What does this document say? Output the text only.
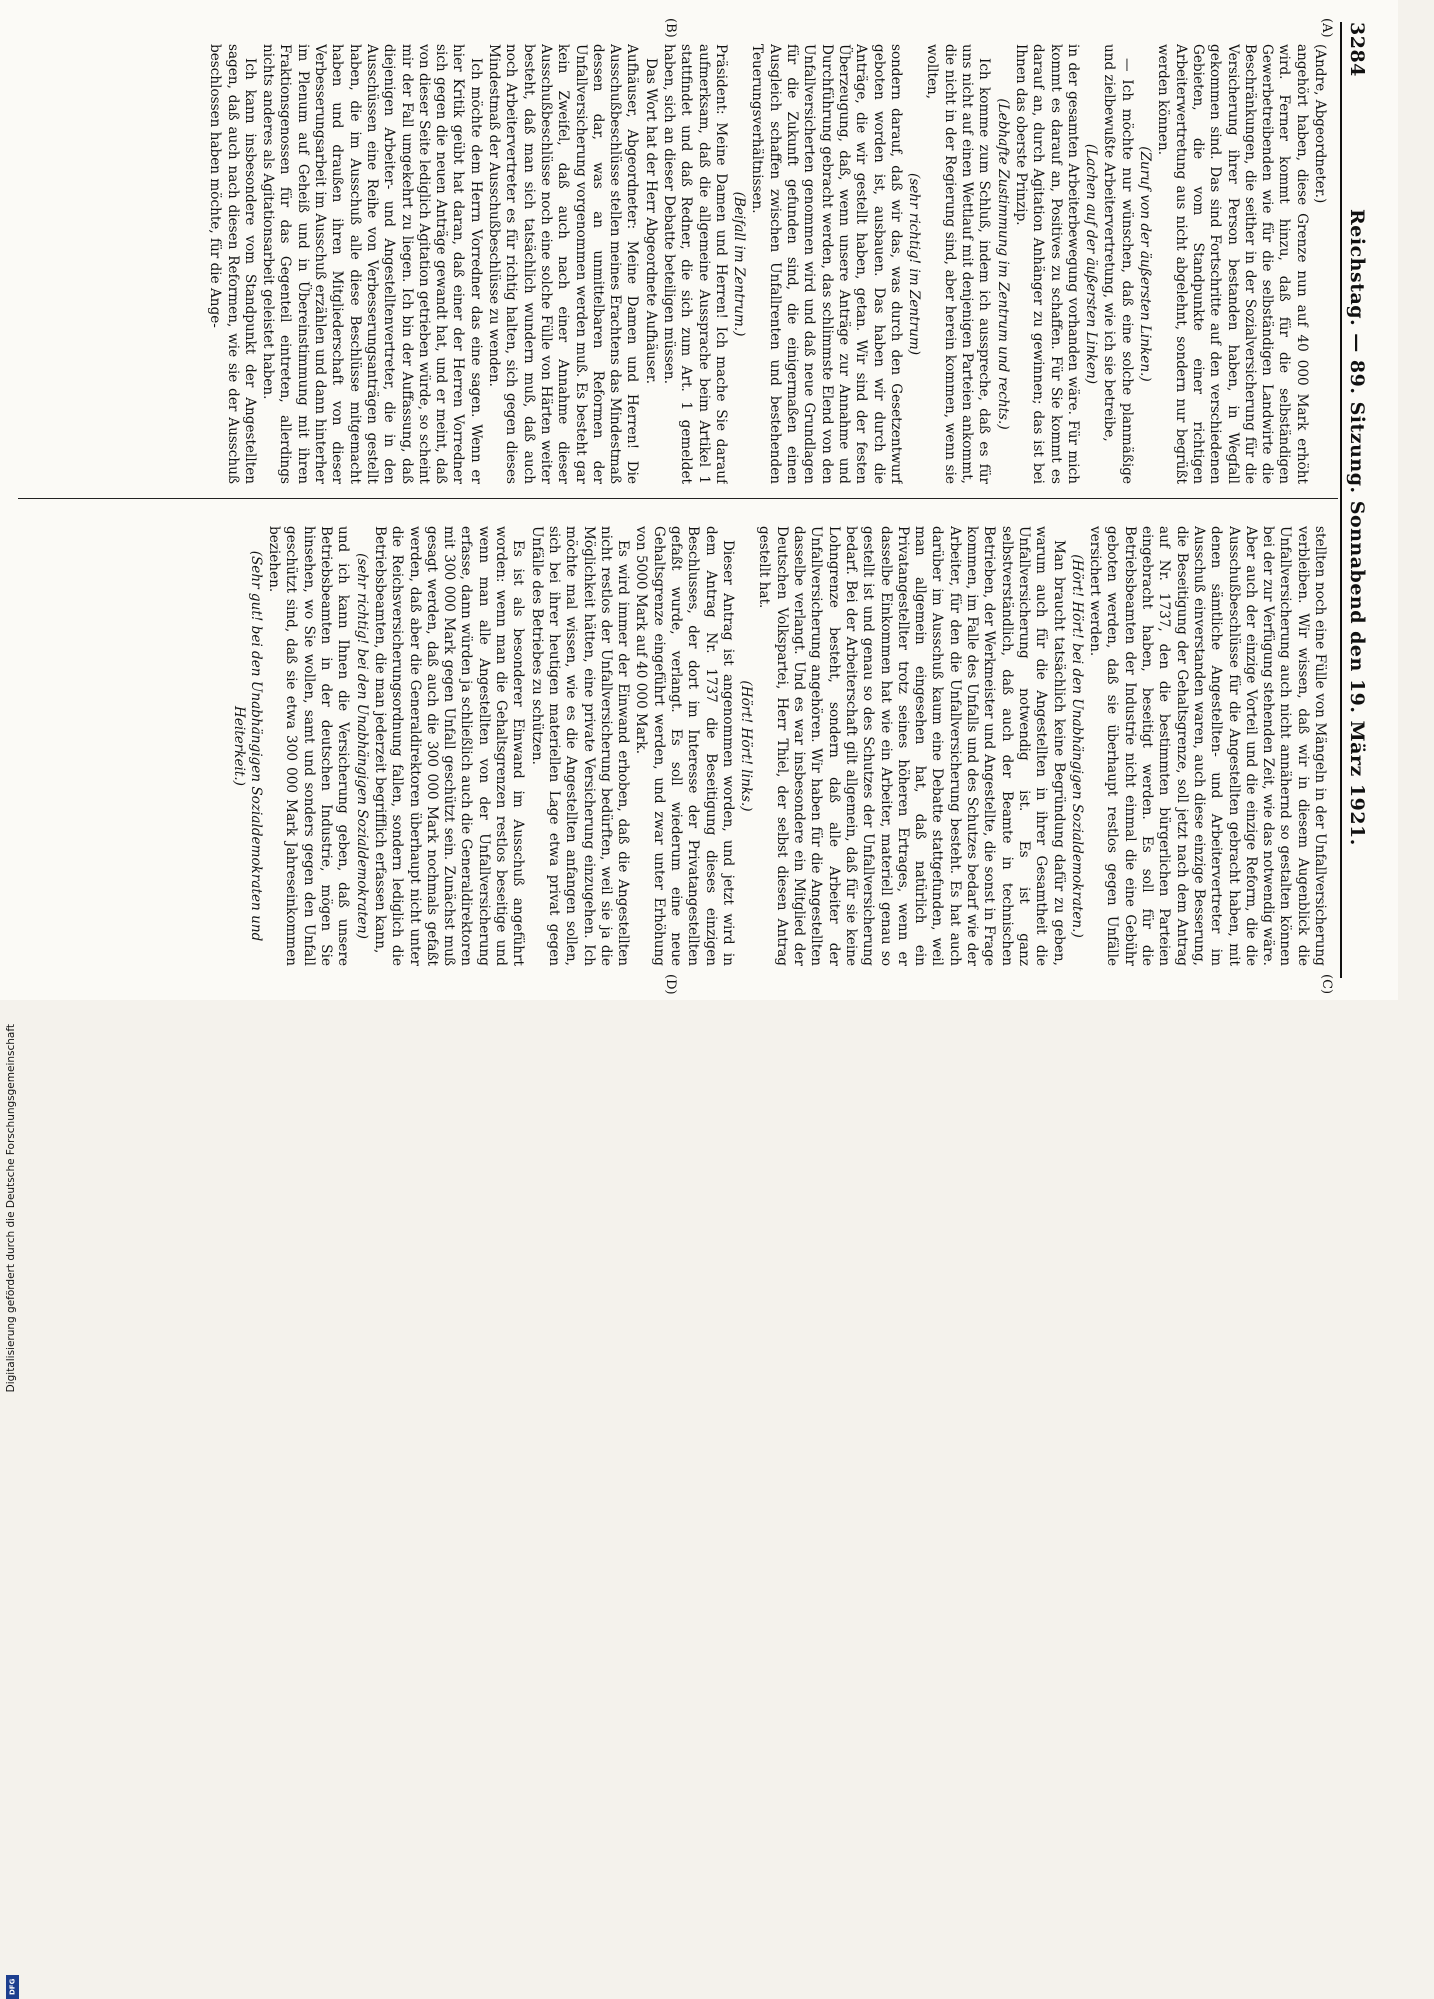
3284
Reichstag. — 89. Sitzung. Sonnabend den 19. März 1921.
(A)
(B)
(C)
(D)

(Andre, Abgeordneter.)

angehört haben, diese Grenze nun auf 40 000 Mark erhöht wird. Ferner kommt hinzu, daß für die selbständigen Gewerbetreibenden wie für die selbständigen Landwirte die Beschränkungen, die seither in der Sozialversicherung für die Versicherung ihrer Person bestanden haben, in Wegfall gekommen sind. Das sind Fortschritte auf den verschiedenen Gebieten, die vom Standpunkte einer richtigen Arbeiterwertretung aus nicht abgelehnt, sondern nur begrüßt werden können.

(Zuruf von der äußersten Linken.)

— Ich möchte nur wünschen, daß eine solche planmäßige und zielbewußte Arbeitervertretung, wie ich sie betreibe,

(Lachen auf der äußersten Linken)

in der gesamten Arbeiterbewegung vorhanden wäre. Für mich kommt es darauf an, Positives zu schaffen. Für Sie kommt es darauf an, durch Agitation Anhänger zu gewinnen; das ist bei Ihnen das oberste Prinzip.

(Lebhafte Zustimmung im Zentrum und rechts.)

Ich komme zum Schluß, indem ich ausspreche, daß es für uns nicht auf einen Wettlauf mit denjenigen Parteien ankommt, die nicht in der Regierung sind, aber herein kommen, wenn sie wollten,

(sehr richtig! im Zentrum)

sondern darauf, daß wir das, was durch den Gesetzentwurf geboten worden ist, ausbauen. Das haben wir durch die Anträge, die wir gestellt haben, getan. Wir sind der festen Überzeugung, daß, wenn unsere Anträge zur Annahme und Durchführung gebracht werden, das schlimmste Elend von den Unfallversicherten genommen wird und daß neue Grundlagen für die Zukunft gefunden sind, die einigermaßen einen Ausgleich schaffen zwischen Unfallrenten und bestehenden Teuerungsverhältnissen.

(Beifall im Zentrum.)

Präsident: Meine Damen und Herren! Ich mache Sie darauf aufmerksam, daß die allgemeine Aussprache beim Artikel 1 stattfindet und daß Redner, die sich zum Art. 1 gemeldet haben, sich an dieser Debatte beteiligen müssen.

Das Wort hat der Herr Abgeordnete Aufhäuser.

Aufhäuser, Abgeordneter: Meine Damen und Herren! Die Ausschußbeschlüsse stellen meines Erachtens das Mindestmaß dessen dar, was an unmittelbaren Reformen der Unfallversicherung vorgenommen werden muß. Es besteht gar kein Zweifel, daß auch nach einer Annahme dieser Ausschußbeschlüsse noch eine solche Fülle von Härten weiter besteht, daß man sich tatsächlich wundern muß, daß auch noch Arbeitervertreter es für richtig halten, sich gegen dieses Mindestmaß der Ausschußbeschlüsse zu wenden.

Ich möchte dem Herrn Vorredner das eine sagen. Wenn er hier Kritik geübt hat daran, daß einer der Herren Vorredner sich gegen die neuen Anträge gewandt hat, und er meint, daß von dieser Seite lediglich Agitation getrieben würde, so scheint mir der Fall umgekehrt zu liegen. Ich bin der Auffassung, daß diejenigen Arbeiter- und Angestelltenvertreter, die in den Ausschüssen eine Reihe von Verbesserungsanträgen gestellt haben, die im Ausschuß alle diese Beschlüsse mitgemacht haben und draußen ihren Mitgliederschaft von dieser Verbesserungsarbeit im Ausschuß erzählen und dann hinterher im Plenum auf Geheiß und in Übereinstimmung mit ihren Fraktionsgenossen für das Gegenteil eintreten, allerdings nichts anderes als Agitationsarbeit geleistet haben.

Ich kann insbesondere vom Standpunkt der Angestellten sagen, daß auch nach diesen Reformen, wie sie der Ausschuß beschlossen haben möchte, für die Ange-

stellten noch eine Fülle von Mängeln in der Unfallversicherung verbleiben. Wir wissen, daß wir in diesem Augenblick die Unfallversicherung auch nicht annähernd so gestalten können bei der zur Verfügung stehenden Zeit, wie das notwendig wäre. Aber auch der einzige Vorteil und die einzige Reform, die die Ausschußbeschlüsse für die Angestellten gebracht haben, mit denen sämtliche Angestellten- und Arbeitervertreter im Ausschuß einverstanden waren, auch diese einzige Besserung, die Beseitigung der Gehaltsgrenze, soll jetzt nach dem Antrag auf Nr. 1737, den die bestimmten bürgerlichen Parteien eingebracht haben, beseitigt werden. Es soll für die Betriebsbeamten der Industrie nicht einmal die eine Gebühr geboten werden, daß sie überhaupt restlos gegen Unfälle versichert werden.

(Hört! Hört! bei den Unabhängigen Sozialdemokraten.)

Man braucht tatsächlich keine Begründung dafür zu geben, warum auch für die Angestellten in ihrer Gesamtheit die Unfallversicherung notwendig ist. Es ist ganz selbstverständlich, daß auch der Beamte in technischen Betrieben, der Werkmeister und Angestellte, die sonst in Frage kommen, im Falle des Unfalls und des Schutzes bedarf wie der Arbeiter, für den die Unfallversicherung besteht. Es hat auch darüber im Ausschuß kaum eine Debatte stattgefunden, weil man allgemein eingesehen hat, daß natürlich ein Privatangestellter trotz seines höheren Ertrages, wenn er dasselbe Einkommen hat wie ein Arbeiter, materiell genau so gestellt ist und genau so des Schutzes der Unfallversicherung bedarf. Bei der Arbeiterschaft gilt allgemein, daß für sie keine Lohngrenze besteht, sondern daß alle Arbeiter der Unfallversicherung angehören. Wir haben für die Angestellten dasselbe verlangt. Und es war insbesondere ein Mitglied der Deutschen Volkspartei, Herr Thiel, der selbst diesen Antrag gestellt hat.

(Hört! Hört! links.)

Dieser Antrag ist angenommen worden, und jetzt wird in dem Antrag Nr. 1737 die Beseitigung dieses einzigen Beschlusses, der dort im Interesse der Privatangestellten gefaßt wurde, verlangt. Es soll wiederum eine neue Gehaltsgrenze eingeführt werden, und zwar unter Erhöhung von 5000 Mark auf 40 000 Mark.

Es wird immer der Einwand erhoben, daß die Angestellten nicht restlos der Unfallversicherung bedürften, weil sie ja die Möglichkeit hätten, eine private Versicherung einzugehen. Ich möchte mal wissen, wie es die Angestellten anfangen sollen, sich bei ihrer heutigen materiellen Lage etwa privat gegen Unfälle des Betriebes zu schützen.

Es ist als besonderer Einwand im Ausschuß angeführt worden: wenn man die Gehaltsgrenzen restlos beseitige und wenn man alle Angestellten von der Unfallversicherung erfasse, dann würden ja schließlich auch die Generaldirektoren mit 300 000 Mark gegen Unfall geschützt sein. Zunächst muß gesagt werden, daß auch die 300 000 Mark nochmals gefaßt werden, daß aber die Generaldirektoren überhaupt nicht unter die Reichsversicherungsordnung fallen, sondern lediglich die Betriebsbeamten, die man jederzeit begrifflich erfassen kann,

(sehr richtig! bei den Unabhängigen Sozialdemokraten)

und ich kann Ihnen die Versicherung geben, daß unsere Betriebsbeamten in der deutschen Industrie, mögen Sie hinsehen, wo Sie wollen, samt und sonders gegen den Unfall geschützt sind, daß sie etwa 300 000 Mark Jahreseinkommen beziehen.

(Sehr gut! bei den Unabhängigen Sozialdemokraten und Heiterkeit.)

Digitalisierung gefördert durch die Deutsche Forschungsgemeinschaft
DFG
